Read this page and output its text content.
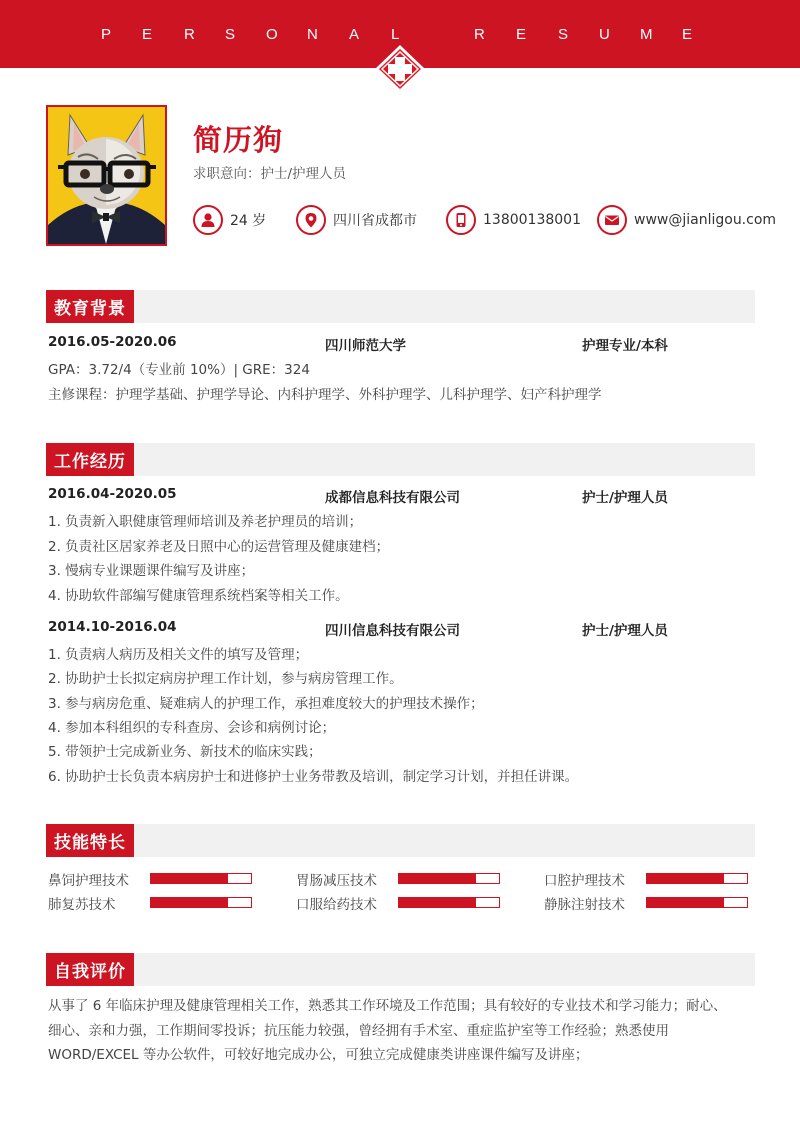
P E R S O N A L	R E S U M E
简历狗
求职意向：护士/护理人员
24 岁	四川省成都市	13800138001	www@jianligou.com
教育背景
2016.05-2020.06	四川师范大学	护理专业/本科
GPA：3.72/4（专业前 10%）| GRE：324
主修课程：护理学基础、护理学导论、内科护理学、外科护理学、儿科护理学、妇产科护理学
工作经历
2016.04-2020.05	成都信息科技有限公司	护士/护理人员
1. 负责新入职健康管理师培训及养老护理员的培训；
2. 负责社区居家养老及日照中心的运营管理及健康建档；
3. 慢病专业课题课件编写及讲座；
4. 协助软件部编写健康管理系统档案等相关工作。
2014.10-2016.04	四川信息科技有限公司	护士/护理人员
1. 负责病人病历及相关文件的填写及管理；
2. 协助护士长拟定病房护理工作计划，参与病房管理工作。
3. 参与病房危重、疑难病人的护理工作，承担难度较大的护理技术操作；
4. 参加本科组织的专科查房、会诊和病例讨论；
5. 带领护士完成新业务、新技术的临床实践；
6. 协助护士长负责本病房护士和进修护士业务带教及培训，制定学习计划，并担任讲课。
技能特长
鼻饲护理技术	胃肠减压技术	口腔护理技术
肺复苏技术	口服给药技术	静脉注射技术
自我评价
从事了 6 年临床护理及健康管理相关工作，熟悉其工作环境及工作范围；具有较好的专业技术和学习能力；耐心、
细心、亲和力强，工作期间零投诉；抗压能力较强，曾经拥有手术室、重症监护室等工作经验；熟悉使用
WORD/EXCEL 等办公软件，可较好地完成办公，可独立完成健康类讲座课件编写及讲座；
